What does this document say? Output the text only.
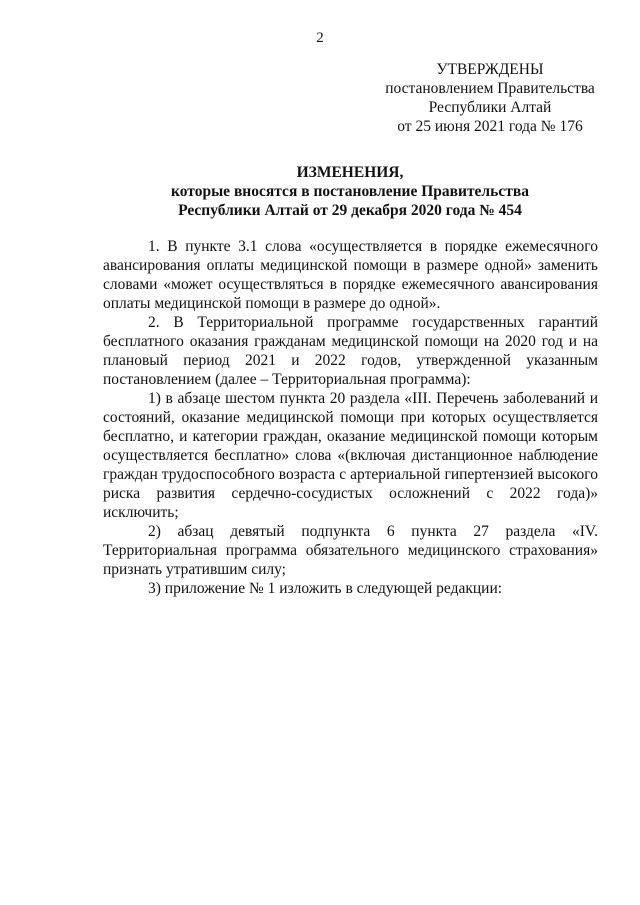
2
УТВЕРЖДЕНЫ
постановлением Правительства
Республики Алтай
от 25 июня 2021 года № 176
ИЗМЕНЕНИЯ,
которые вносятся в постановление Правительства
Республики Алтай от 29 декабря 2020 года № 454

1. В пункте 3.1 слова «осуществляется в порядке ежемесячного авансирования оплаты медицинской помощи в размере одной» заменить словами «может осуществляться в порядке ежемесячного авансирования оплаты медицинской помощи в размере до одной».

2. В Территориальной программе государственных гарантий бесплатного оказания гражданам медицинской помощи на 2020 год и на плановый период 2021 и 2022 годов, утвержденной указанным постановлением (далее – Территориальная программа):

1) в абзаце шестом пункта 20 раздела «III. Перечень заболеваний и состояний, оказание медицинской помощи при которых осуществляется бесплатно, и категории граждан, оказание медицинской помощи которым осуществляется бесплатно» слова «(включая дистанционное наблюдение граждан трудоспособного возраста с артериальной гипертензией высокого риска развития сердечно-сосудистых осложнений с 2022 года)» исключить;

2) абзац девятый подпункта 6 пункта 27 раздела «IV. Территориальная программа обязательного медицинского страхования» признать утратившим силу;

3) приложение № 1 изложить в следующей редакции:
